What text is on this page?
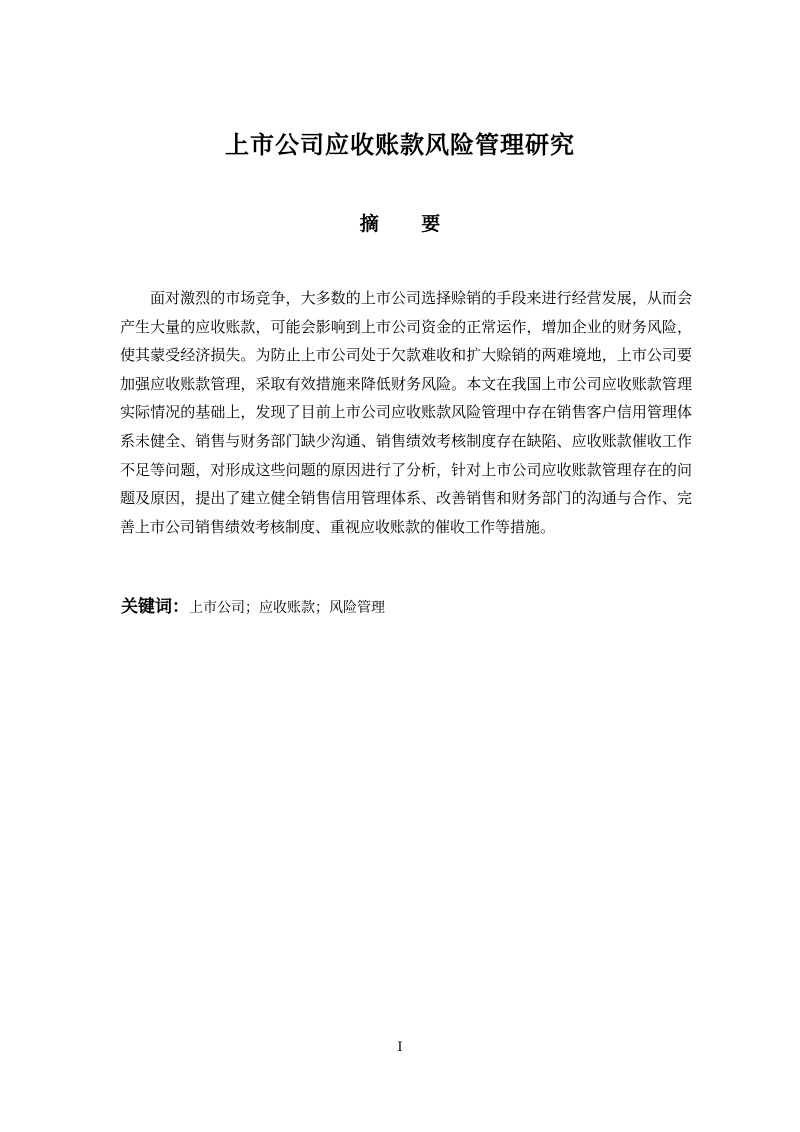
上市公司应收账款风险管理研究
摘 要

面对激烈的市场竞争，大多数的上市公司选择赊销的手段来进行经营发展，从而会产生大量的应收账款，可能会影响到上市公司资金的正常运作，增加企业的财务风险，使其蒙受经济损失。为防止上市公司处于欠款难收和扩大赊销的两难境地，上市公司要加强应收账款管理，采取有效措施来降低财务风险。本文在我国上市公司应收账款管理实际情况的基础上，发现了目前上市公司应收账款风险管理中存在销售客户信用管理体系未健全、销售与财务部门缺少沟通、销售绩效考核制度存在缺陷、应收账款催收工作不足等问题，对形成这些问题的原因进行了分析，针对上市公司应收账款管理存在的问题及原因，提出了建立健全销售信用管理体系、改善销售和财务部门的沟通与合作、完善上市公司销售绩效考核制度、重视应收账款的催收工作等措施。

关键词：上市公司；应收账款；风险管理
I
